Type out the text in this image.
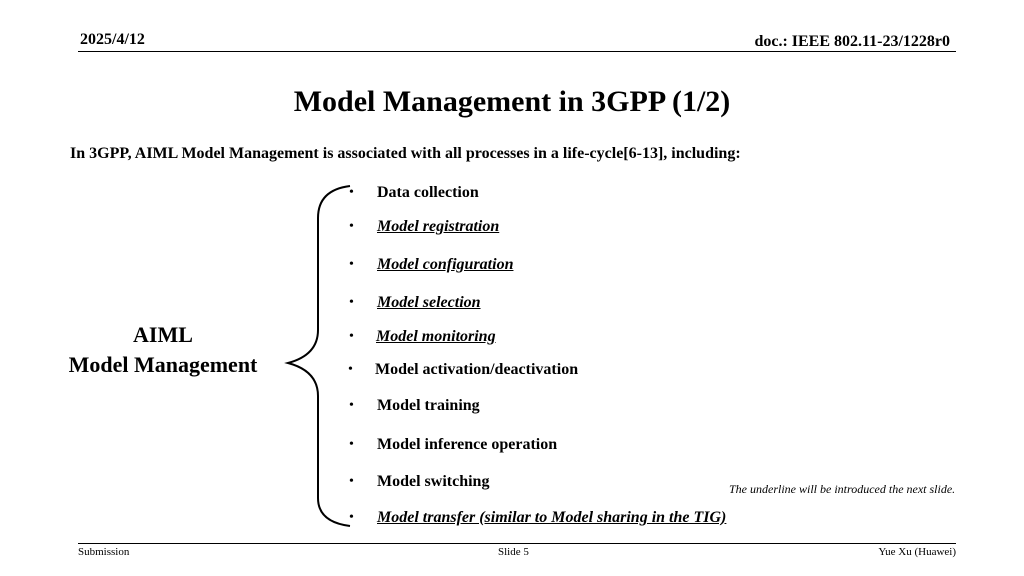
2025/4/12	doc.: IEEE 802.11-23/1228r0
Model Management in 3GPP (1/2)
In 3GPP, AIML Model Management is associated with all processes in a life-cycle[6-13], including:
AIML
Model Management
• Data collection
• Model registration
• Model configuration
• Model selection
• Model monitoring
• Model activation/deactivation
• Model training
• Model inference operation
• Model switching
• Model transfer (similar to Model sharing in the TIG)
The underline will be introduced the next slide.
Submission	Slide 5	Yue Xu (Huawei)
